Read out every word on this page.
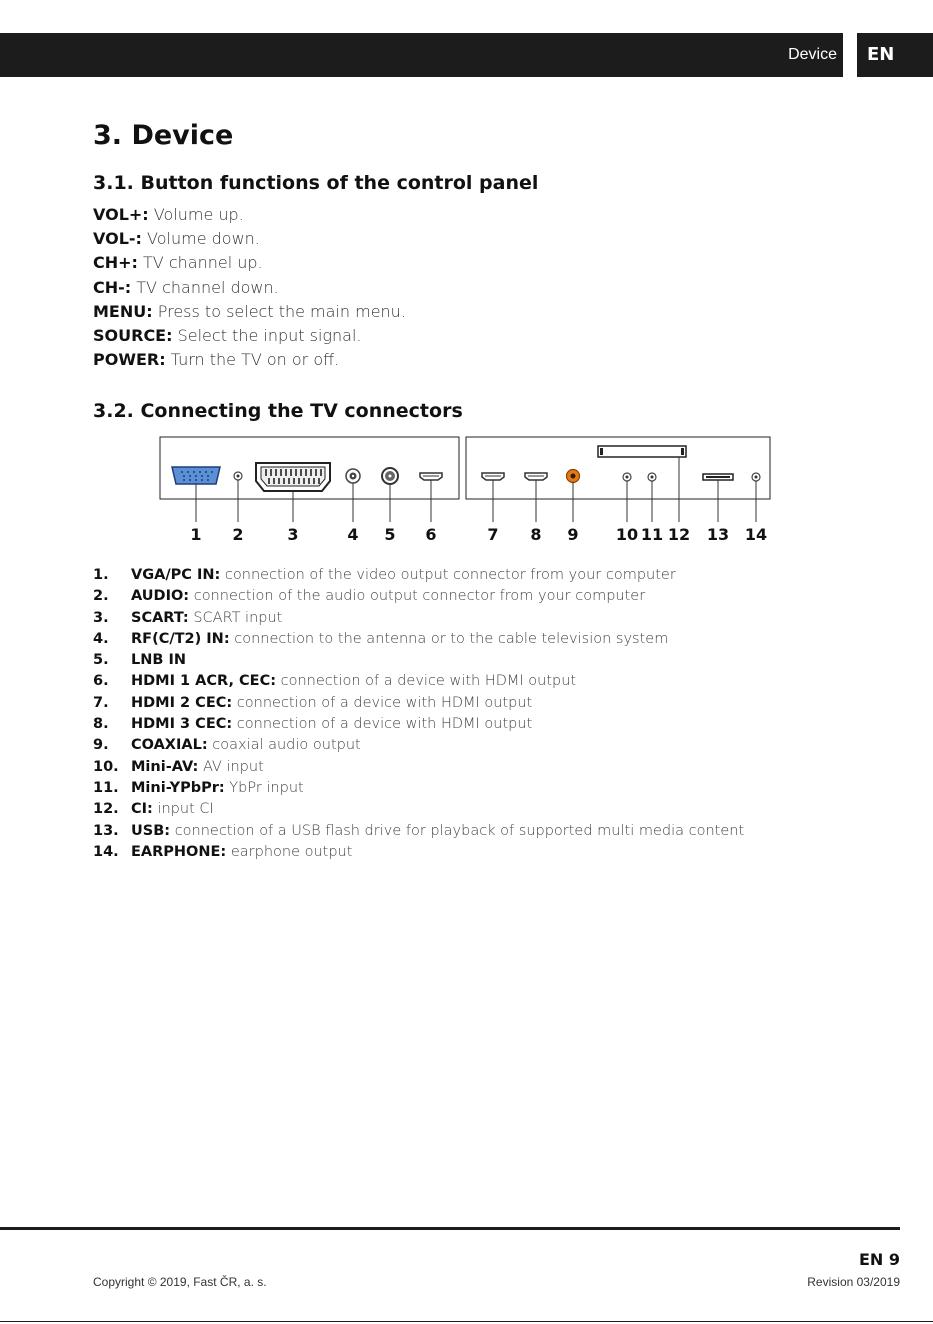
Device	EN
3. Device
3.1. Button functions of the control panel
VOL+: Volume up.
VOL-: Volume down.
CH+: TV channel up.
CH-: TV channel down.
MENU: Press to select the main menu.
SOURCE: Select the input signal.
POWER: Turn the TV on or off.
3.2. Connecting the TV connectors
1 2	3	4 5 6	7 8 9 10 11 12 13 14
1. VGA/PC IN: connection of the video output connector from your computer
2. AUDIO: connection of the audio output connector from your computer
3. SCART: SCART input
4. RF(C/T2) IN: connection to the antenna or to the cable television system
5. LNB IN
6. HDMI 1 ACR, CEC: connection of a device with HDMI output
7. HDMI 2 CEC: connection of a device with HDMI output
8. HDMI 3 CEC: connection of a device with HDMI output
9. COAXIAL: coaxial audio output
10. Mini-AV: AV input
11. Mini-YPbPr: YbPr input
12. CI: input CI
13. USB: connection of a USB flash drive for playback of supported multi media content
14. EARPHONE: earphone output
EN 9
Copyright © 2019, Fast ČR, a. s.	Revision 03/2019
